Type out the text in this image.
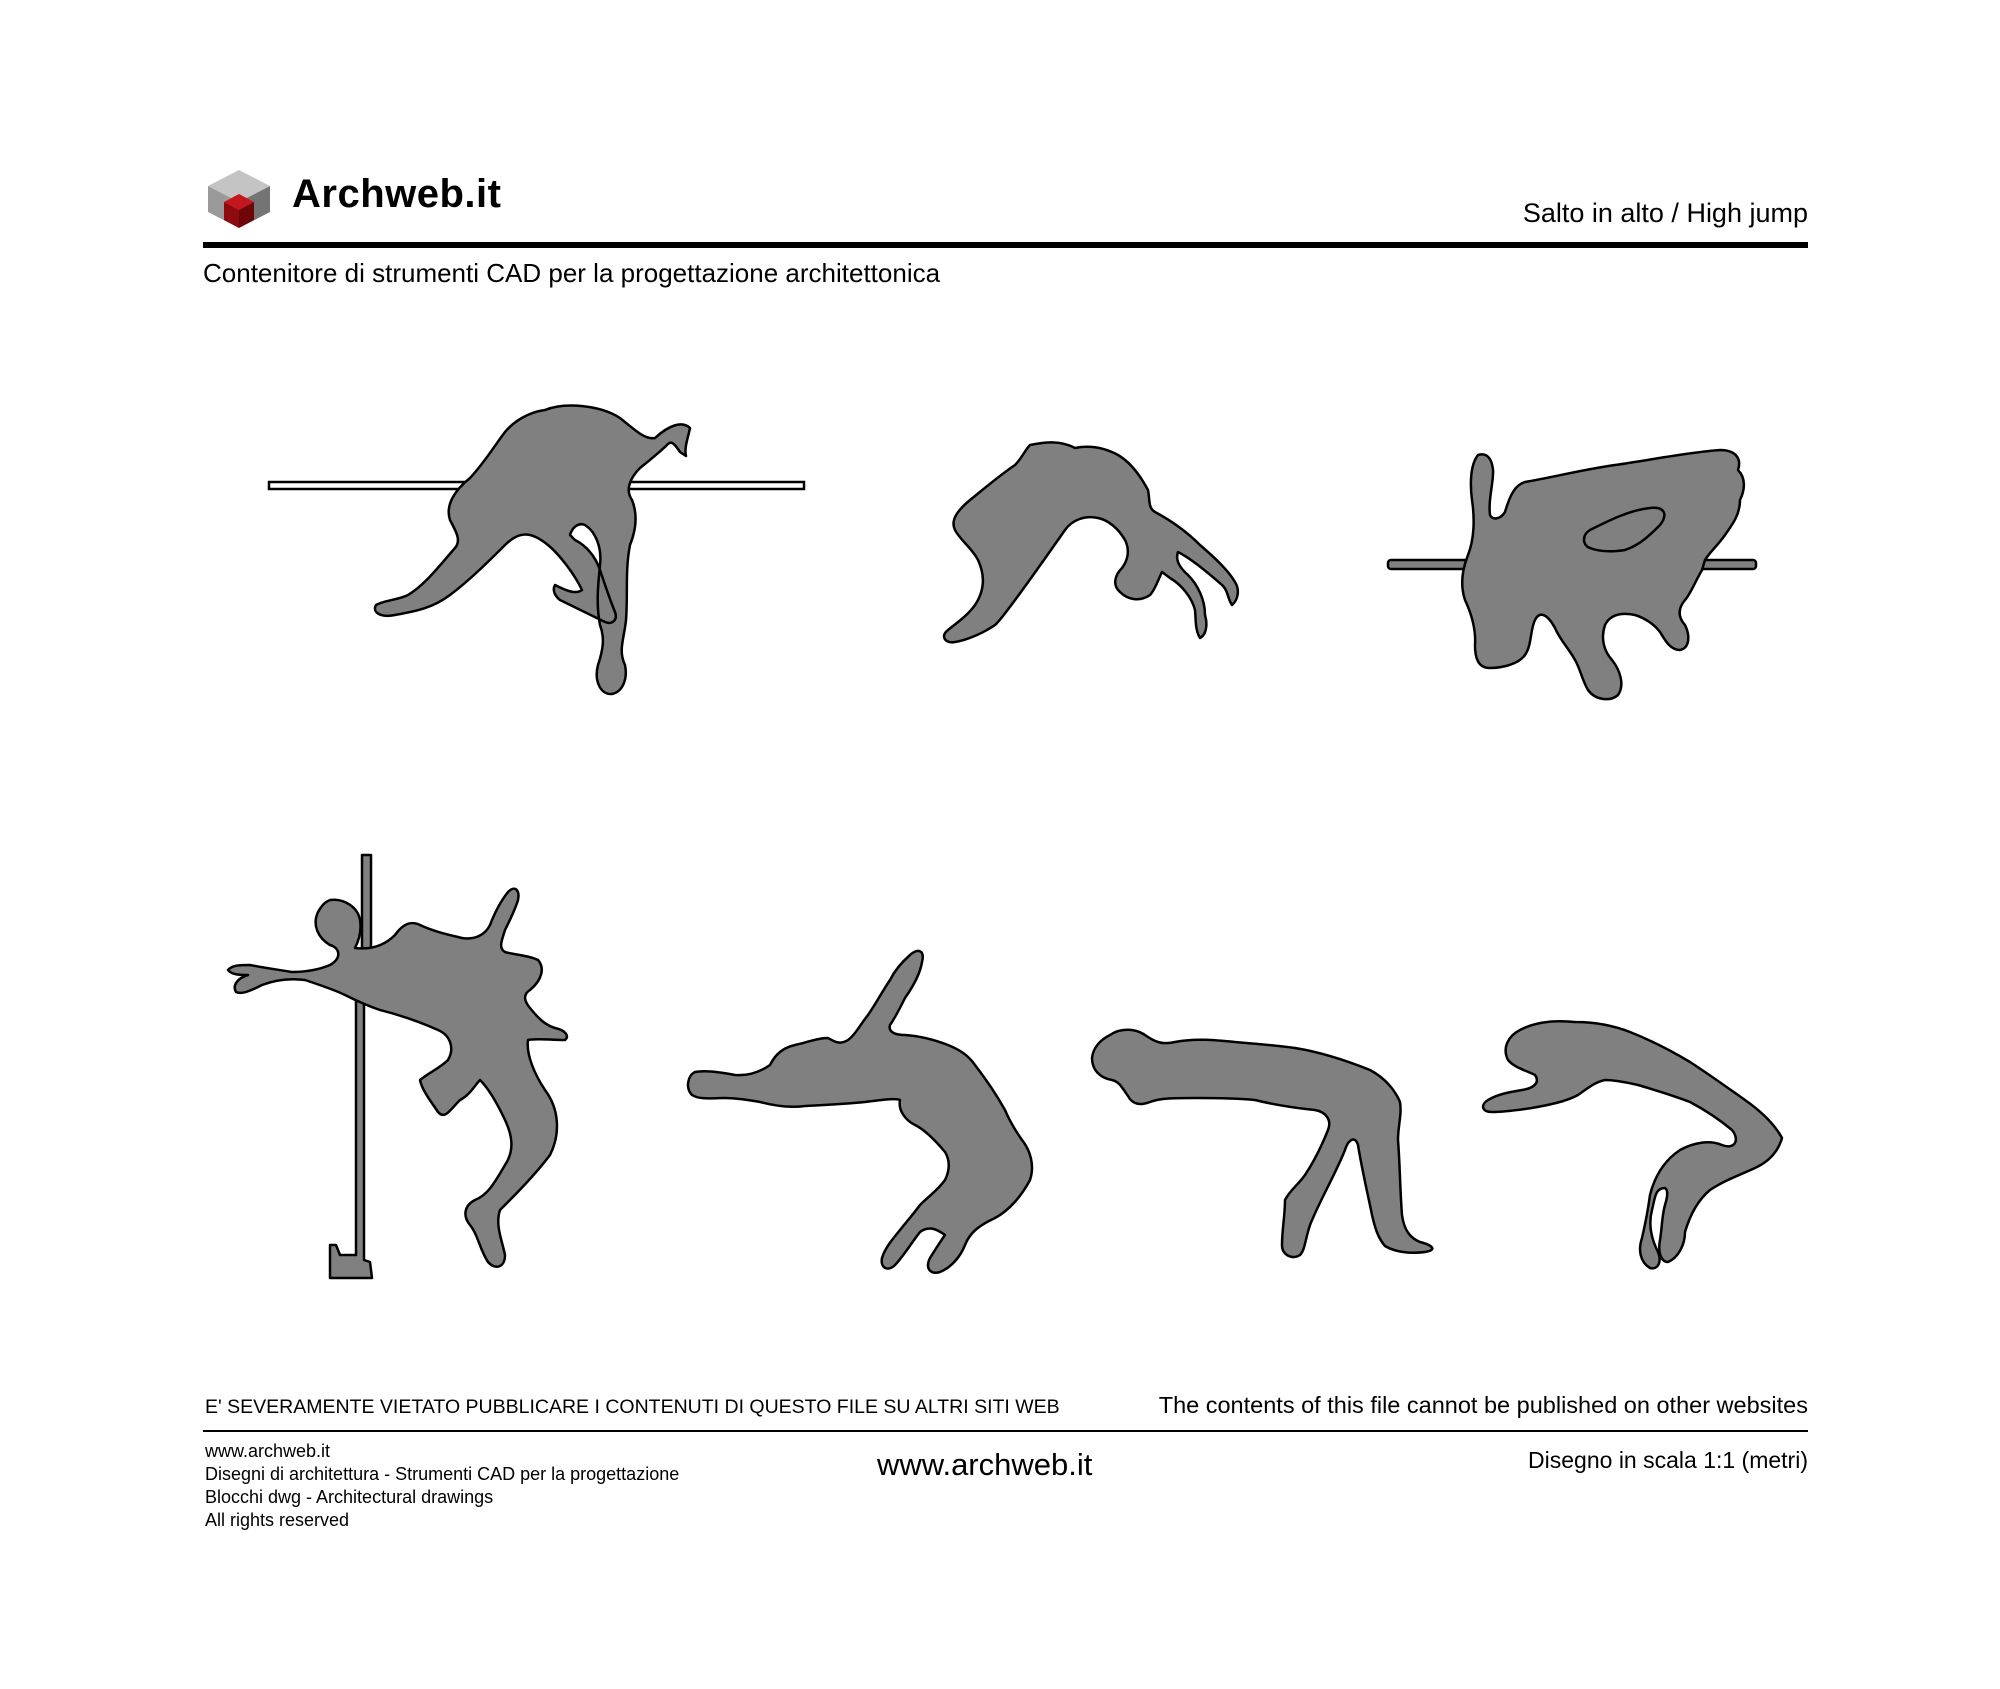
Archweb.it	Salto in alto / High jump
Contenitore di strumenti CAD per la progettazione architettonica
E' SEVERAMENTE VIETATO PUBBLICARE I CONTENUTI DI QUESTO FILE SU ALTRI SITI WEB	The contents of this file cannot be published on other websites
www.archweb.it
Disegni di architettura - Strumenti CAD per la progettazione
Blocchi dwg - Architectural drawings
All rights reserved
www.archweb.it	Disegno in scala 1:1 (metri)
